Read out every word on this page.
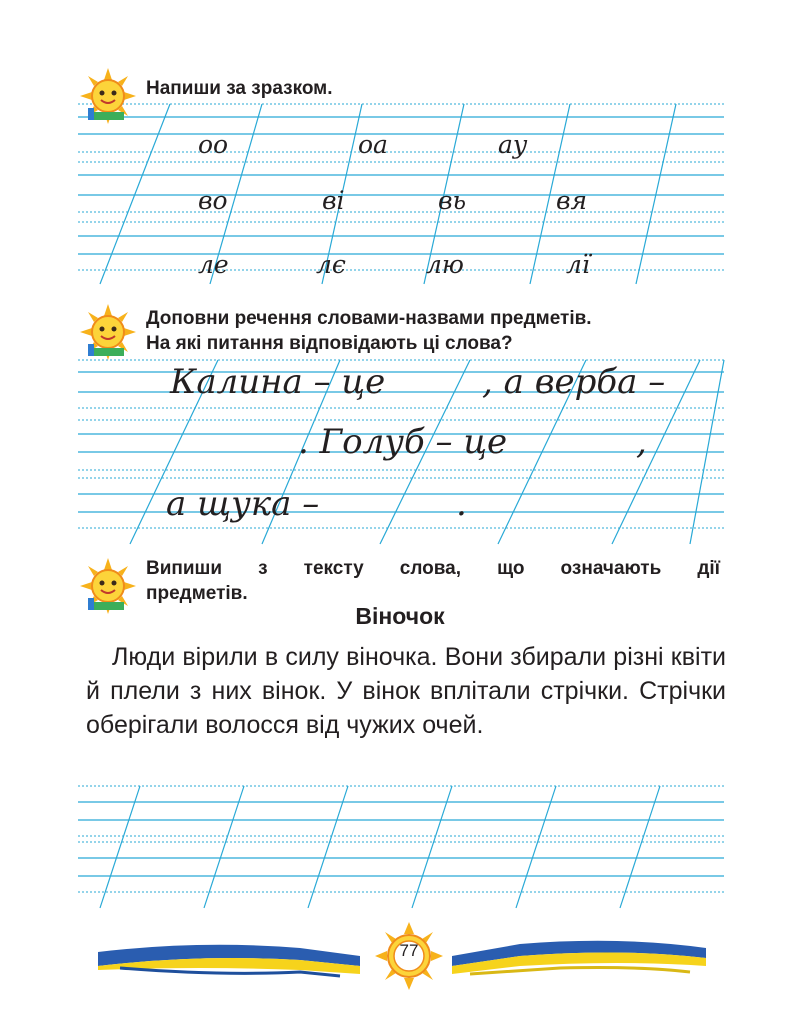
Напиши за зразком.
оо	оа	ау
во	ві	вь	вя
ле	лє	лю	лї
Доповни речення словами-назвами предметів.
На які питання відповідають ці слова?
Калина – це	, а верба –
. Голуб – це	,
а щука –	.
Випиши з тексту слова, що означають дії
предметів.
Віночок
Люди вірили в силу віночка. Вони збирали різні квіти й плели з них вінок. У вінок вплітали стрічки. Стрічки оберігали волосся від чужих очей.
77
